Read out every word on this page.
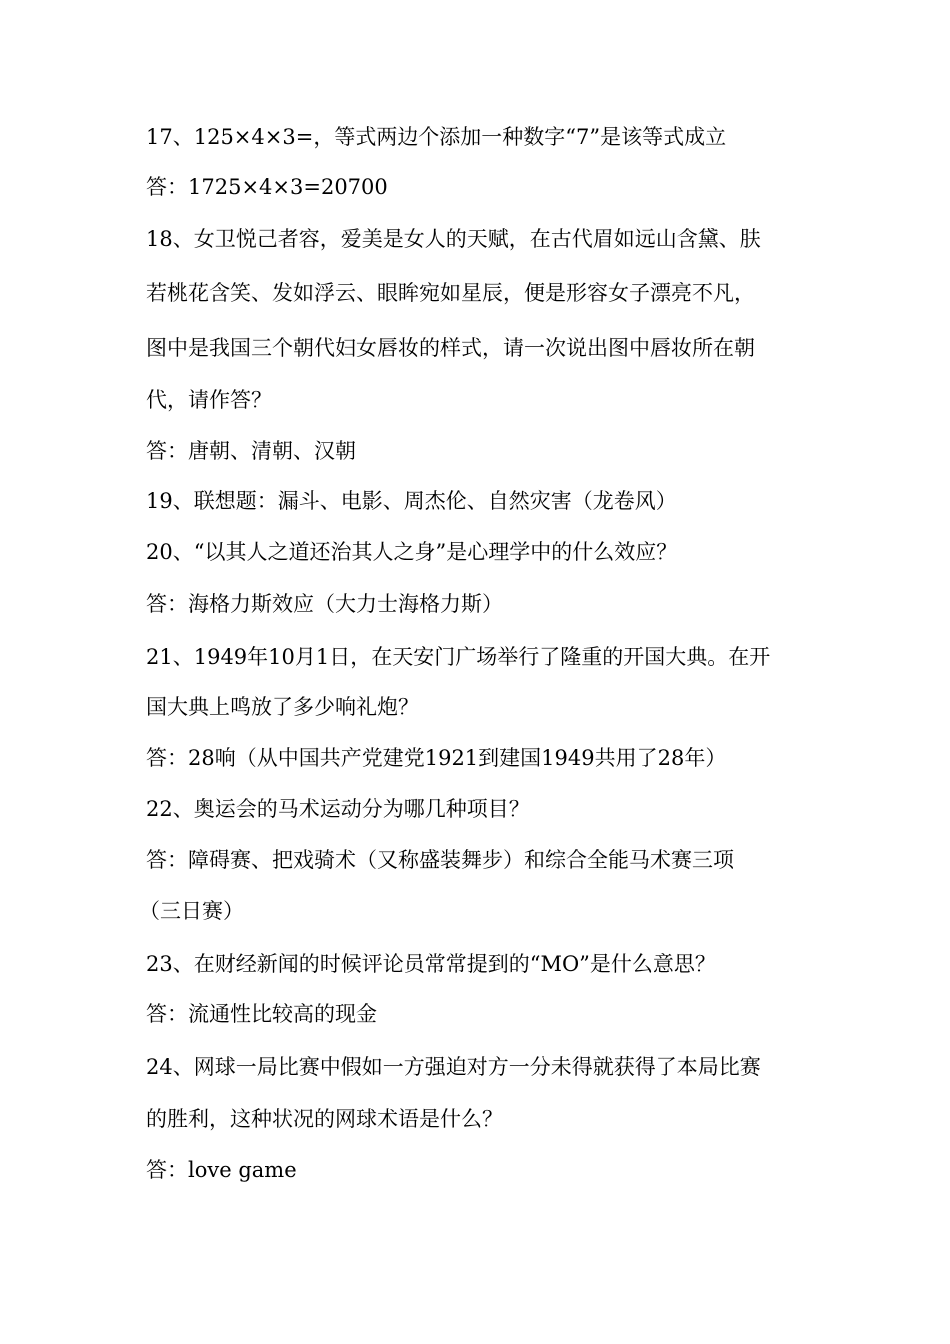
17、125×4×3=，等式两边个添加一种数字“7”是该等式成立
答：1725×4×3=20700
18、女卫悦己者容，爱美是女人的天赋，在古代眉如远山含黛、肤
若桃花含笑、发如浮云、眼眸宛如星辰，便是形容女子漂亮不凡，
图中是我国三个朝代妇女唇妆的样式，请一次说出图中唇妆所在朝
代，请作答？
答：唐朝、清朝、汉朝
19、联想题：漏斗、电影、周杰伦、自然灾害（龙卷风）
20、“以其人之道还治其人之身”是心理学中的什么效应？
答：海格力斯效应（大力士海格力斯）
21、1949年10月1日，在天安门广场举行了隆重的开国大典。在开
国大典上鸣放了多少响礼炮？
答：28响（从中国共产党建党1921到建国1949共用了28年）
22、奥运会的马术运动分为哪几种项目？
答：障碍赛、把戏骑术（又称盛装舞步）和综合全能马术赛三项
（三日赛）
23、在财经新闻的时候评论员常常提到的“MO”是什么意思？
答：流通性比较高的现金
24、网球一局比赛中假如一方强迫对方一分未得就获得了本局比赛
的胜利，这种状况的网球术语是什么？
答：love game
